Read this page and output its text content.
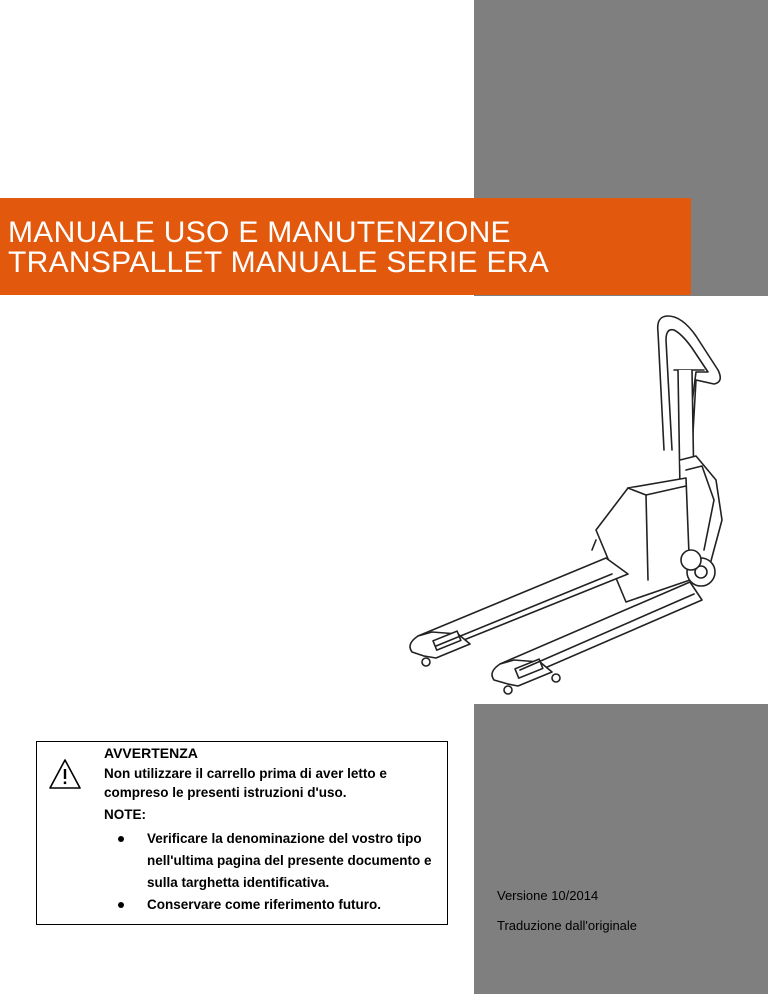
MANUALE USO E MANUTENZIONE
TRANSPALLET MANUALE SERIE ERA
AVVERTENZA
Non utilizzare il carrello prima di aver letto e compreso le presenti istruzioni d'uso.
NOTE:
Verificare la denominazione del vostro tipo nell'ultima pagina del presente documento e sulla targhetta identificativa.
Conservare come riferimento futuro.
Versione 10/2014
Traduzione dall'originale
